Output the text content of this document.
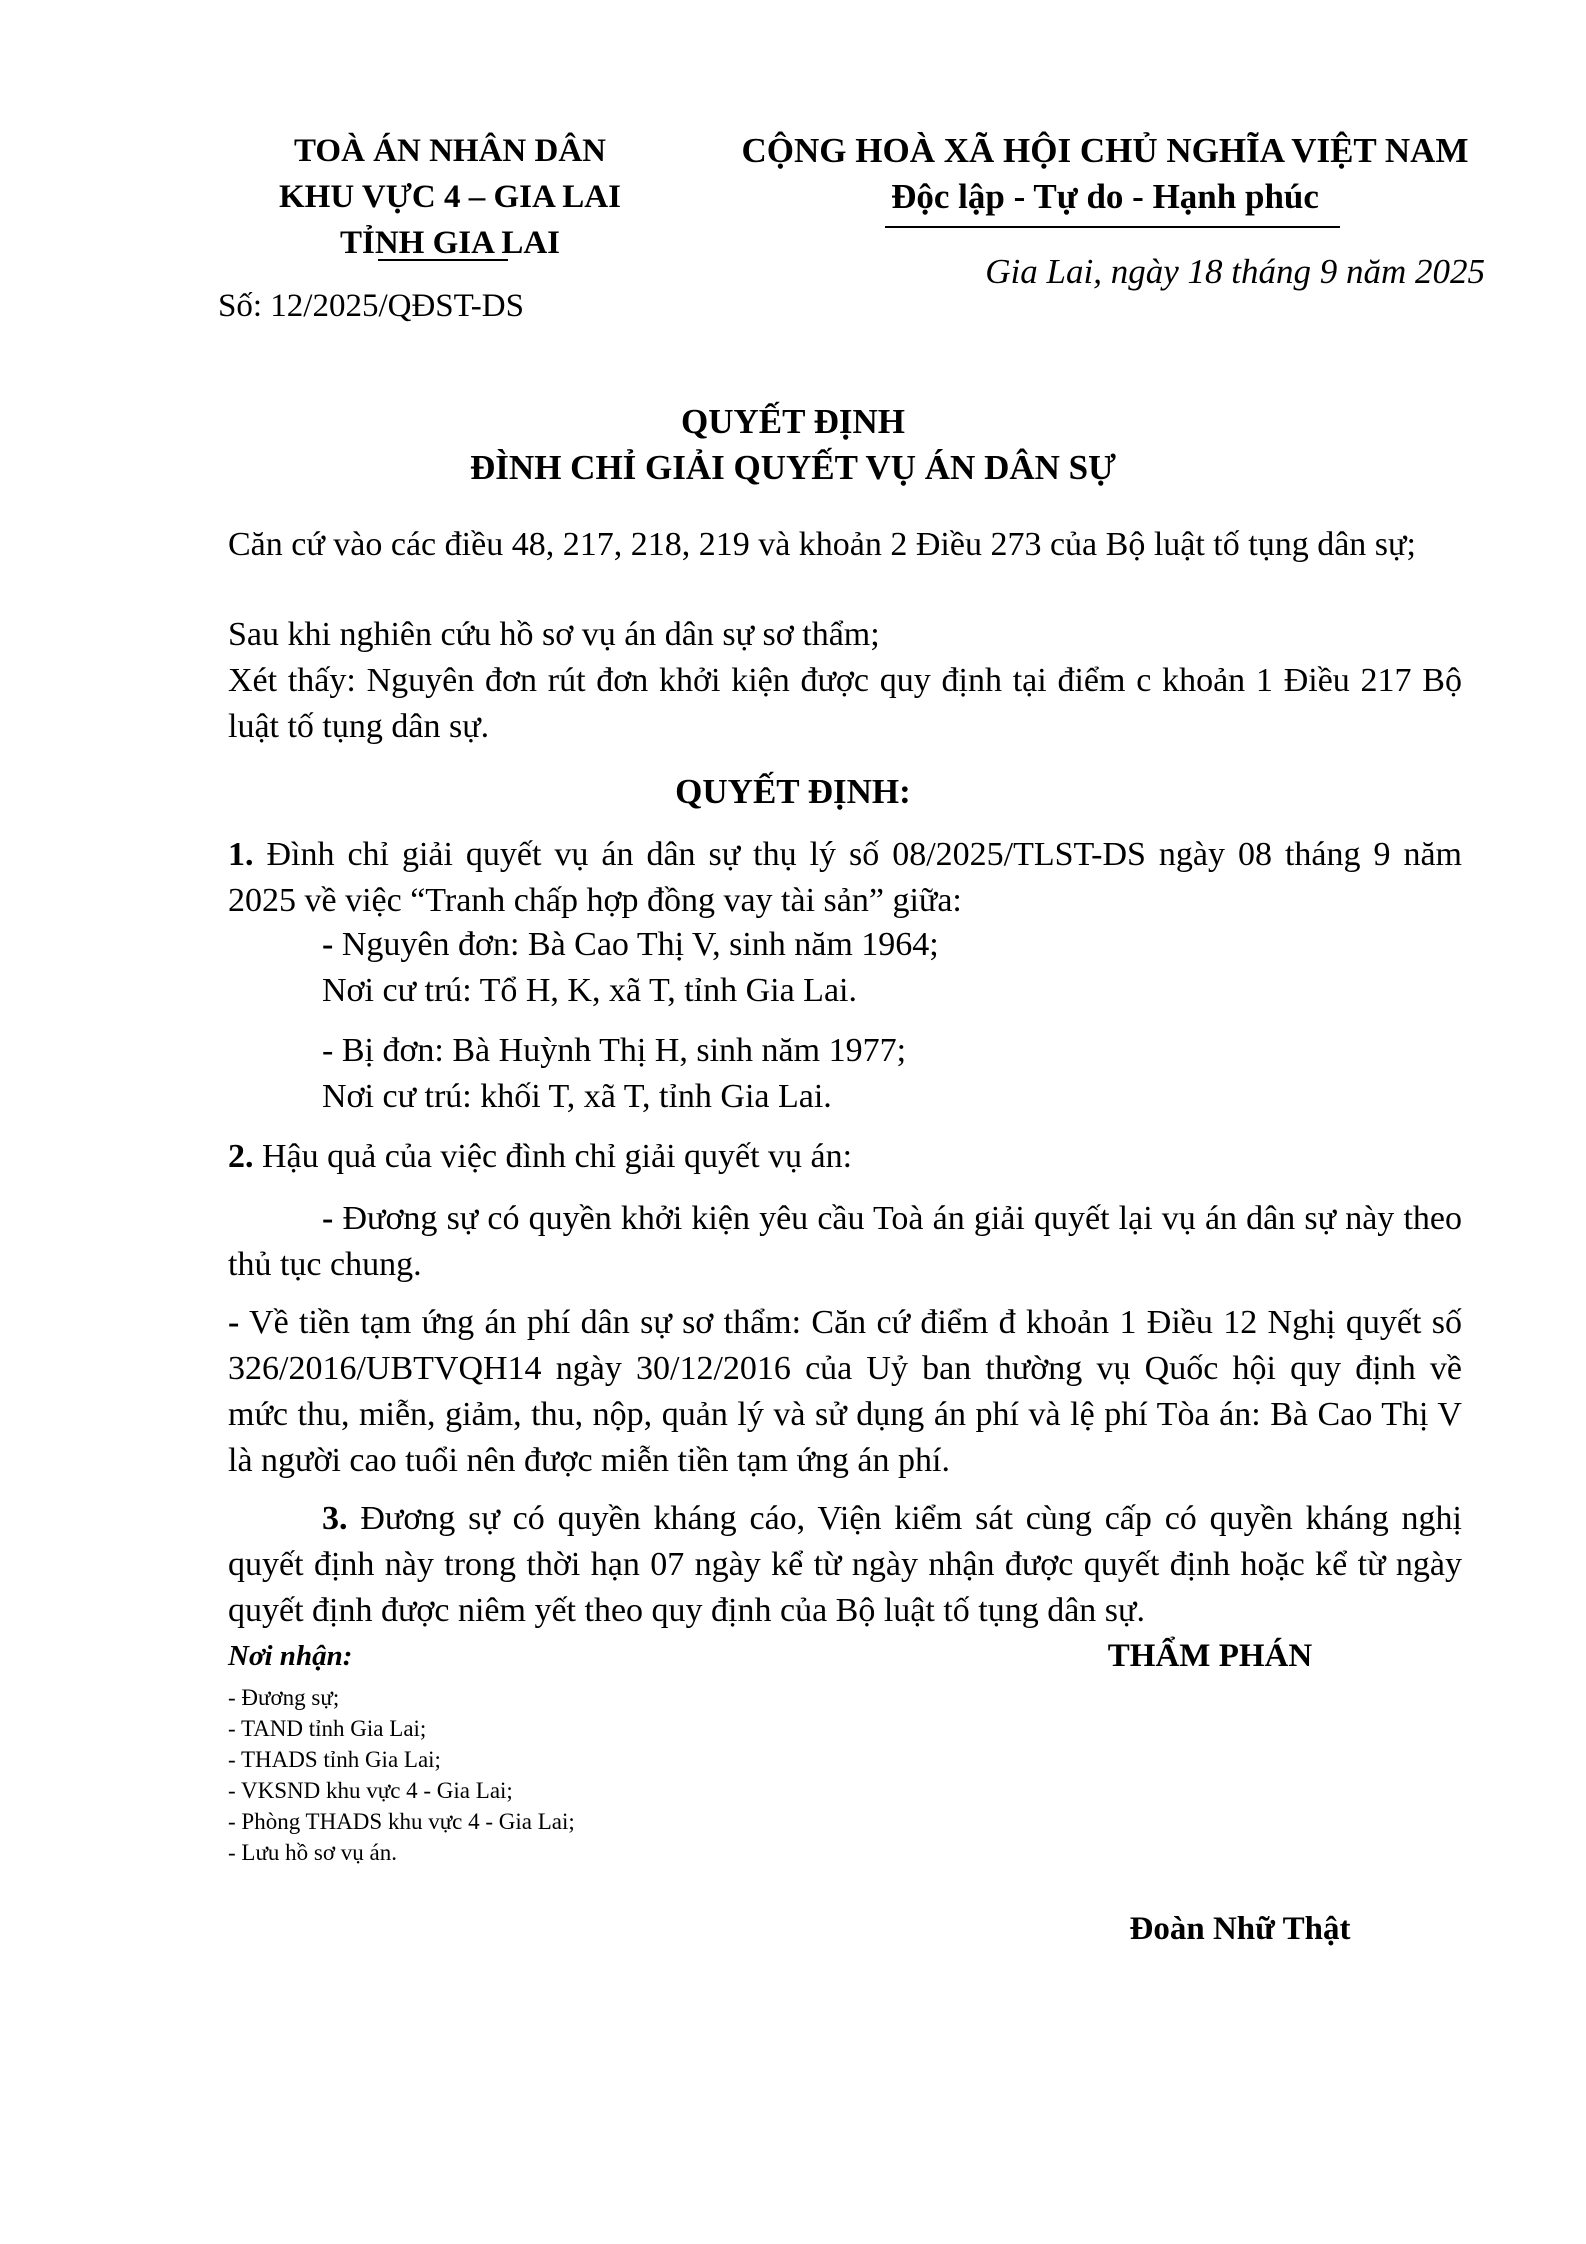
TOÀ ÁN NHÂN DÂN
KHU VỰC 4 – GIA LAI
TỈNH GIA LAI
CỘNG HOÀ XÃ HỘI CHỦ NGHĨA VIỆT NAM
Độc lập - Tự do - Hạnh phúc
Gia Lai, ngày 18 tháng 9 năm 2025
Số: 12/2025/QĐST-DS
QUYẾT ĐỊNH
ĐÌNH CHỈ GIẢI QUYẾT VỤ ÁN DÂN SỰ
Căn cứ vào các điều 48, 217, 218, 219 và khoản 2 Điều 273 của Bộ luật tố tụng dân sự;
Sau khi nghiên cứu hồ sơ vụ án dân sự sơ thẩm;
Xét thấy: Nguyên đơn rút đơn khởi kiện được quy định tại điểm c khoản 1 Điều 217 Bộ luật tố tụng dân sự.
QUYẾT ĐỊNH:
1. Đình chỉ giải quyết vụ án dân sự thụ lý số 08/2025/TLST-DS ngày 08 tháng 9 năm 2025 về việc “Tranh chấp hợp đồng vay tài sản” giữa:
- Nguyên đơn: Bà Cao Thị V, sinh năm 1964;
Nơi cư trú: Tổ H, K, xã T, tỉnh Gia Lai.
- Bị đơn: Bà Huỳnh Thị H, sinh năm 1977;
Nơi cư trú: khối T, xã T, tỉnh Gia Lai.
2. Hậu quả của việc đình chỉ giải quyết vụ án:
- Đương sự có quyền khởi kiện yêu cầu Toà án giải quyết lại vụ án dân sự này theo thủ tục chung.
- Về tiền tạm ứng án phí dân sự sơ thẩm: Căn cứ điểm đ khoản 1 Điều 12 Nghị quyết số 326/2016/UBTVQH14 ngày 30/12/2016 của Uỷ ban thường vụ Quốc hội quy định về mức thu, miễn, giảm, thu, nộp, quản lý và sử dụng án phí và lệ phí Tòa án: Bà Cao Thị V là người cao tuổi nên được miễn tiền tạm ứng án phí.
3. Đương sự có quyền kháng cáo, Viện kiểm sát cùng cấp có quyền kháng nghị quyết định này trong thời hạn 07 ngày kể từ ngày nhận được quyết định hoặc kể từ ngày quyết định được niêm yết theo quy định của Bộ luật tố tụng dân sự.
Nơi nhận:
- Đương sự;
- TAND tỉnh Gia Lai;
- THADS tỉnh Gia Lai;
- VKSND khu vực 4 - Gia Lai;
- Phòng THADS khu vực 4 - Gia Lai;
- Lưu hồ sơ vụ án.
THẨM PHÁN
Đoàn Nhữ Thật
